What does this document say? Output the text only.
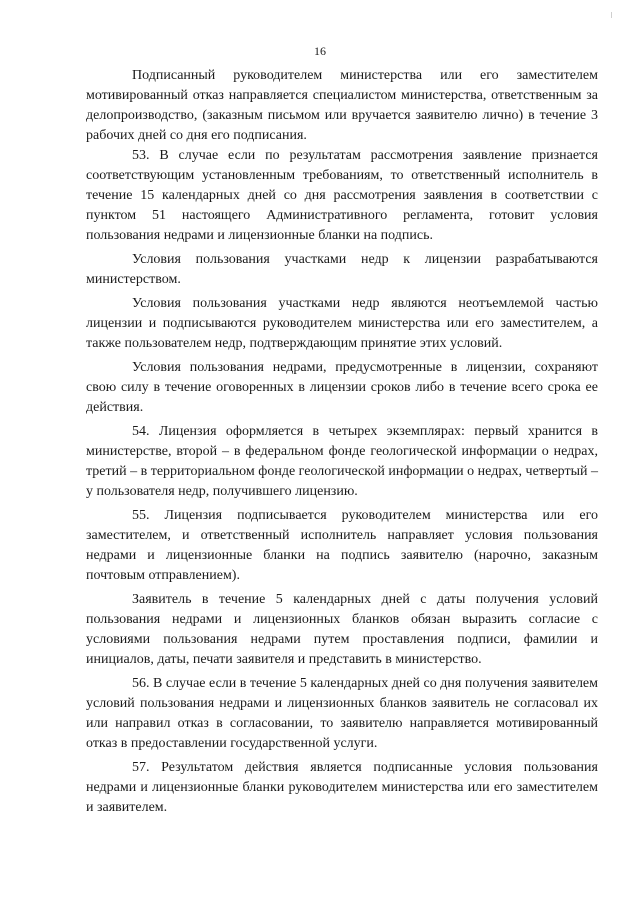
16

Подписанный руководителем министерства или его заместителем мотивированный отказ направляется специалистом министерства, ответственным за делопроизводство, (заказным письмом или вручается заявителю лично) в течение 3 рабочих дней со дня его подписания.

53. В случае если по результатам рассмотрения заявление признается соответствующим установленным требованиям, то ответственный исполнитель в течение 15 календарных дней со дня рассмотрения заявления в соответствии с пунктом 51 настоящего Административного регламента, готовит условия пользования недрами и лицензионные бланки на подпись.

Условия пользования участками недр к лицензии разрабатываются министерством.

Условия пользования участками недр являются неотъемлемой частью лицензии и подписываются руководителем министерства или его заместителем, а также пользователем недр, подтверждающим принятие этих условий.

Условия пользования недрами, предусмотренные в лицензии, сохраняют свою силу в течение оговоренных в лицензии сроков либо в течение всего срока ее действия.

54. Лицензия оформляется в четырех экземплярах: первый хранится в министерстве, второй – в федеральном фонде геологической информации о недрах, третий – в территориальном фонде геологической информации о недрах, четвертый – у пользователя недр, получившего лицензию.

55. Лицензия подписывается руководителем министерства или его заместителем, и ответственный исполнитель направляет условия пользования недрами и лицензионные бланки на подпись заявителю (нарочно, заказным почтовым отправлением).

Заявитель в течение 5 календарных дней с даты получения условий пользования недрами и лицензионных бланков обязан выразить согласие с условиями пользования недрами путем проставления подписи, фамилии и инициалов, даты, печати заявителя и представить в министерство.

56. В случае если в течение 5 календарных дней со дня получения заявителем условий пользования недрами и лицензионных бланков заявитель не согласовал их или направил отказ в согласовании, то заявителю направляется мотивированный отказ в предоставлении государственной услуги.

57. Результатом действия является подписанные условия пользования недрами и лицензионные бланки руководителем министерства или его заместителем и заявителем.
